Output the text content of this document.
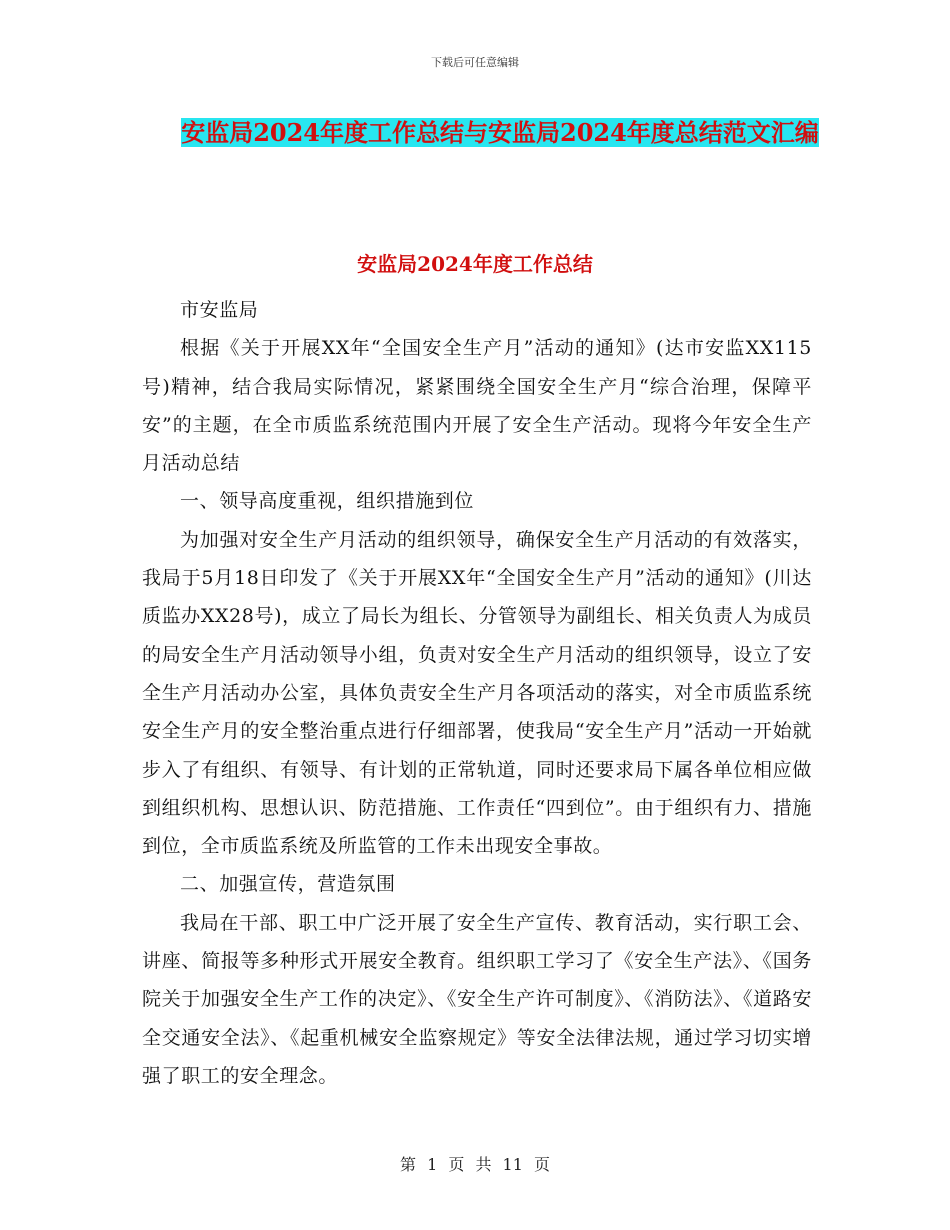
下载后可任意编辑
安监局2024年度工作总结与安监局2024年度总结范文汇编
安监局2024年度工作总结

市安监局

根据《关于开展XX年“全国安全生产月”活动的通知》(达市安监XX115号)精神，结合我局实际情况，紧紧围绕全国安全生产月“综合治理，保障平安”的主题，在全市质监系统范围内开展了安全生产活动。现将今年安全生产月活动总结

一、领导高度重视，组织措施到位

为加强对安全生产月活动的组织领导，确保安全生产月活动的有效落实，我局于5月18日印发了《关于开展XX年“全国安全生产月”活动的通知》(川达质监办XX28号)，成立了局长为组长、分管领导为副组长、相关负责人为成员的局安全生产月活动领导小组，负责对安全生产月活动的组织领导，设立了安全生产月活动办公室，具体负责安全生产月各项活动的落实，对全市质监系统安全生产月的安全整治重点进行仔细部署，使我局“安全生产月”活动一开始就步入了有组织、有领导、有计划的正常轨道，同时还要求局下属各单位相应做到组织机构、思想认识、防范措施、工作责任“四到位”。由于组织有力、措施到位，全市质监系统及所监管的工作未出现安全事故。

二、加强宣传，营造氛围

我局在干部、职工中广泛开展了安全生产宣传、教育活动，实行职工会、讲座、简报等多种形式开展安全教育。组织职工学习了《安全生产法》、《国务院关于加强安全生产工作的决定》、《安全生产许可制度》、《消防法》、《道路安全交通安全法》、《起重机械安全监察规定》等安全法律法规，通过学习切实增强了职工的安全理念。

第 1 页 共 11 页
